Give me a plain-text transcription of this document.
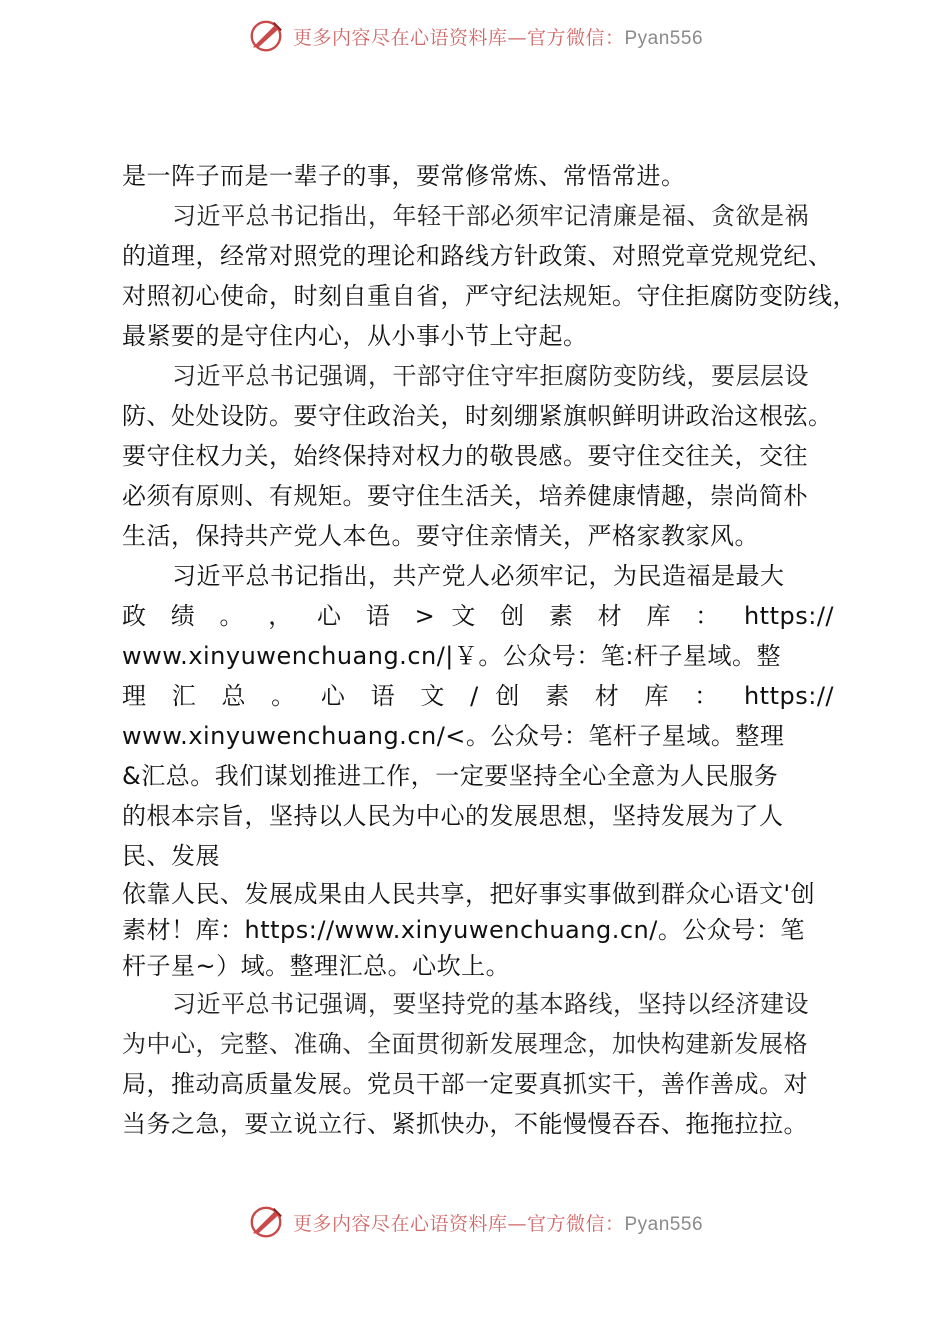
更多内容尽在心语资料库—官方微信：Pyan556
是一阵子而是一辈子的事，要常修常炼、常悟常进。
习近平总书记指出，年轻干部必须牢记清廉是福、贪欲是祸
的道理，经常对照党的理论和路线方针政策、对照党章党规党纪、
对照初心使命，时刻自重自省，严守纪法规矩。守住拒腐防变防线，
最紧要的是守住内心，从小事小节上守起。
习近平总书记强调，干部守住守牢拒腐防变防线，要层层设
防、处处设防。要守住政治关，时刻绷紧旗帜鲜明讲政治这根弦。
要守住权力关，始终保持对权力的敬畏感。要守住交往关，交往
必须有原则、有规矩。要守住生活关，培养健康情趣，崇尚简朴
生活，保持共产党人本色。要守住亲情关，严格家教家风。
习近平总书记指出，共产党人必须牢记，为民造福是最大
政 绩 。 ， 心 语 > 文 创 素 材 库 ： https://
www.xinyuwenchuang.cn/|￥。公众号：笔:杆子星域。整
理 汇 总 。 心 语 文 / 创 素 材 库 ： https://
www.xinyuwenchuang.cn/<。公众号：笔杆子星域。整理
&汇总。我们谋划推进工作，一定要坚持全心全意为人民服务
的根本宗旨，坚持以人民为中心的发展思想，坚持发展为了人
民、发展
依靠人民、发展成果由人民共享，把好事实事做到群众心语文'创
素材！库：https://www.xinyuwenchuang.cn/。公众号：笔
杆子星~）域。整理汇总。心坎上。
习近平总书记强调，要坚持党的基本路线，坚持以经济建设
为中心，完整、准确、全面贯彻新发展理念，加快构建新发展格
局，推动高质量发展。党员干部一定要真抓实干，善作善成。对
当务之急，要立说立行、紧抓快办，不能慢慢吞吞、拖拖拉拉。
更多内容尽在心语资料库—官方微信：Pyan556
